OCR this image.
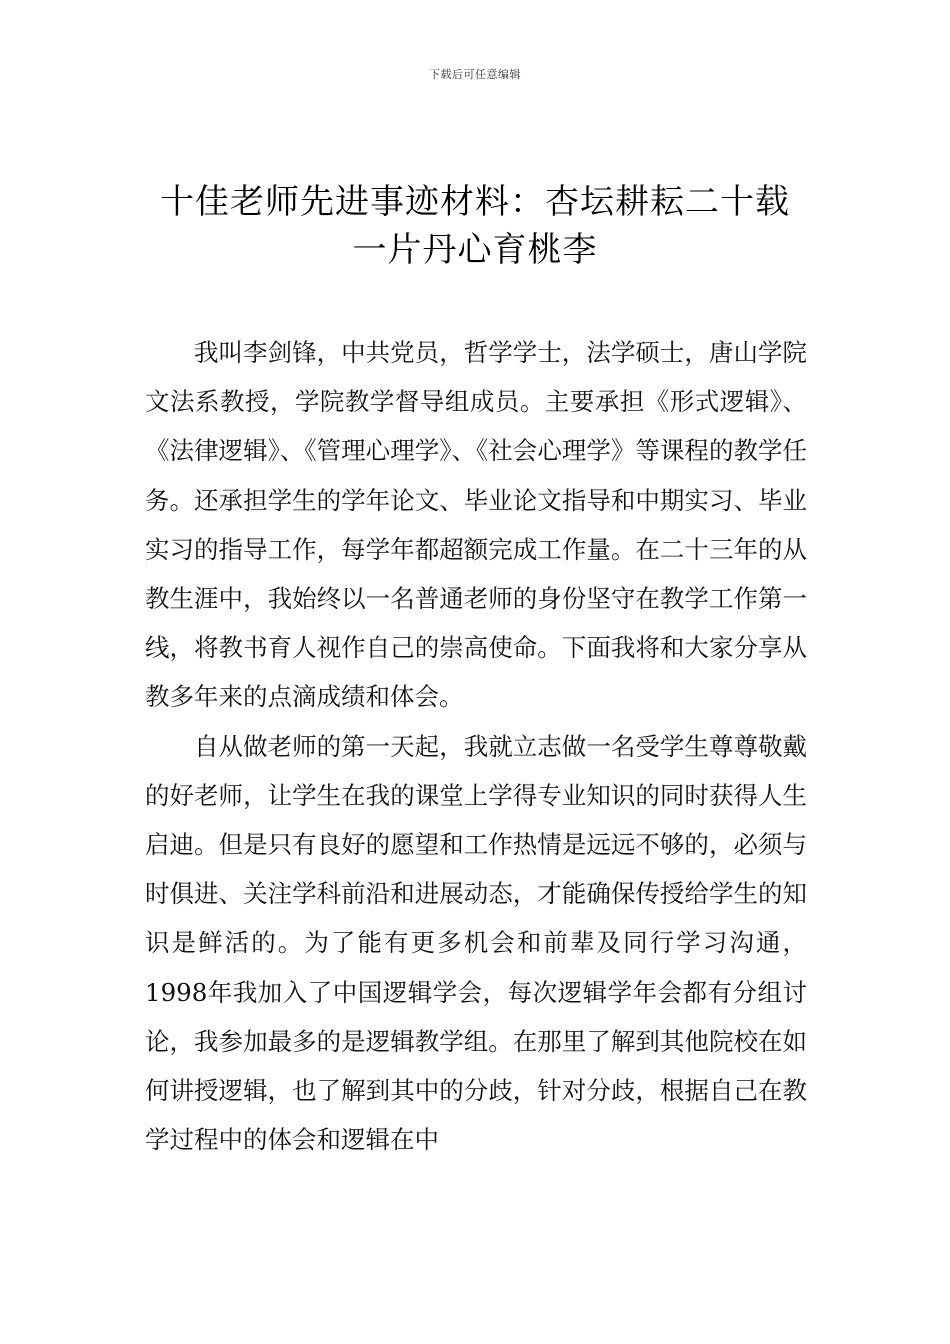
下载后可任意编辑
十佳老师先进事迹材料：杏坛耕耘二十载
一片丹心育桃李

我叫李剑锋，中共党员，哲学学士，法学硕士，唐山学院文法系教授，学院教学督导组成员。主要承担《形式逻辑》、《法律逻辑》、《管理心理学》、《社会心理学》等课程的教学任务。还承担学生的学年论文、毕业论文指导和中期实习、毕业实习的指导工作，每学年都超额完成工作量。在二十三年的从教生涯中，我始终以一名普通老师的身份坚守在教学工作第一线，将教书育人视作自己的崇高使命。下面我将和大家分享从教多年来的点滴成绩和体会。

自从做老师的第一天起，我就立志做一名受学生尊尊敬戴的好老师，让学生在我的课堂上学得专业知识的同时获得人生启迪。但是只有良好的愿望和工作热情是远远不够的，必须与时俱进、关注学科前沿和进展动态，才能确保传授给学生的知识是鲜活的。为了能有更多机会和前辈及同行学习沟通，1998年我加入了中国逻辑学会，每次逻辑学年会都有分组讨论，我参加最多的是逻辑教学组。在那里了解到其他院校在如何讲授逻辑，也了解到其中的分歧，针对分歧，根据自己在教学过程中的体会和逻辑在中
